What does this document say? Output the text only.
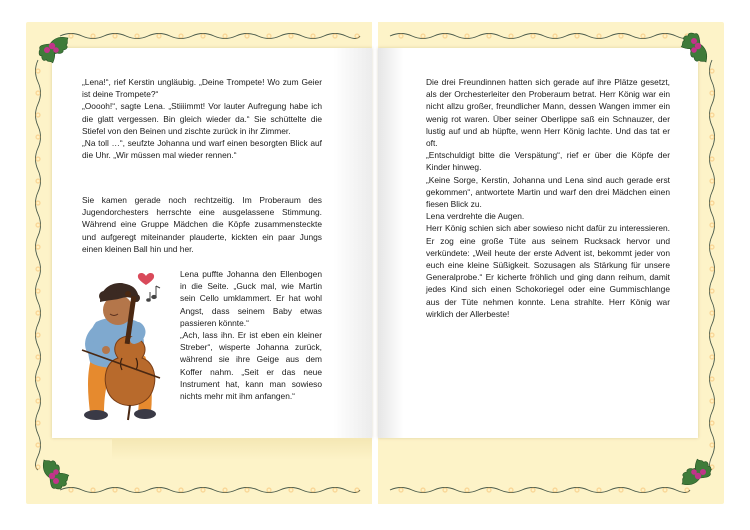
„Lena!“, rief Kerstin ungläubig. „Deine Trompete! Wo zum Geier ist deine Trompete?“

„Ooooh!“, sagte Lena. „Stiiiimmt! Vor lauter Aufregung habe ich die glatt vergessen. Bin gleich wieder da.“ Sie schüttelte die Stiefel von den Beinen und zischte zurück in ihr Zimmer.

„Na toll …“, seufzte Johanna und warf einen besorgten Blick auf die Uhr. „Wir müssen mal wieder rennen.“

Sie kamen gerade noch rechtzeitig. Im Proberaum des Jugendorchesters herrschte eine ausgelassene Stimmung. Während eine Gruppe Mädchen die Köpfe zusammensteckte und aufgeregt miteinander plauderte, kickten ein paar Jungs einen kleinen Ball hin und her.

Lena puffte Johanna den Ellenbogen in die Seite. „Guck mal, wie Martin sein Cello umklammert. Er hat wohl Angst, dass seinem Baby etwas passieren könnte.“

„Ach, lass ihn. Er ist eben ein kleiner Streber“, wisperte Johanna zurück, während sie ihre Geige aus dem Koffer nahm. „Seit er das neue Instrument hat, kann man sowieso nichts mehr mit ihm anfangen.“

Die drei Freundinnen hatten sich gerade auf ihre Plätze gesetzt, als der Orchesterleiter den Proberaum betrat. Herr König war ein nicht allzu großer, freundlicher Mann, dessen Wangen immer ein wenig rot waren. Über seiner Oberlippe saß ein Schnauzer, der lustig auf und ab hüpfte, wenn Herr König lachte. Und das tat er oft.

„Entschuldigt bitte die Verspätung“, rief er über die Köpfe der Kinder hinweg.

„Keine Sorge, Kerstin, Johanna und Lena sind auch gerade erst gekommen“, antwortete Martin und warf den drei Mädchen einen fiesen Blick zu.

Lena verdrehte die Augen.

Herr König schien sich aber sowieso nicht dafür zu interessieren. Er zog eine große Tüte aus seinem Rucksack hervor und verkündete: „Weil heute der erste Advent ist, bekommt jeder von euch eine kleine Süßigkeit. Sozusagen als Stärkung für unsere Generalprobe.“ Er kicherte fröhlich und ging dann reihum, damit jedes Kind sich einen Schokoriegel oder eine Gummischlange aus der Tüte nehmen konnte. Lena strahlte. Herr König war wirklich der Allerbeste!
